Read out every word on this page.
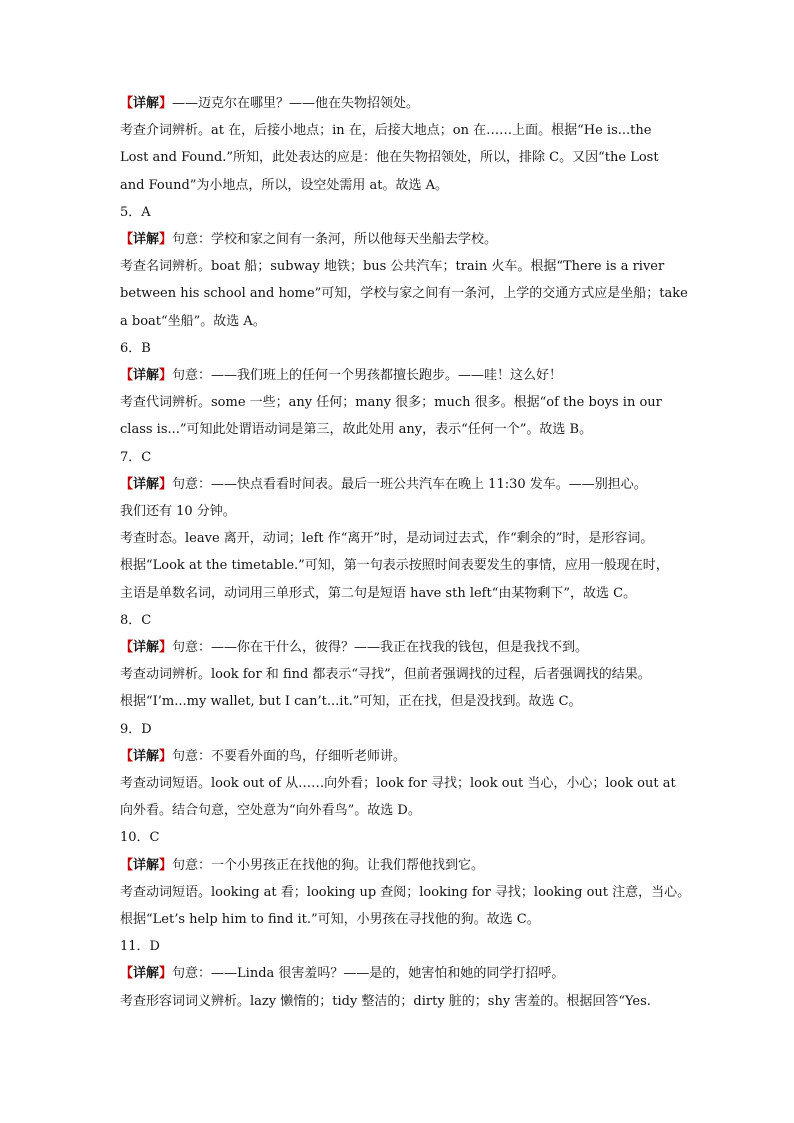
【详解】——迈克尔在哪里？——他在失物招领处。
考查介词辨析。at 在，后接小地点；in 在，后接大地点；on 在……上面。根据“He is...the
Lost and Found.”所知，此处表达的应是：他在失物招领处，所以，排除 C。又因“the Lost
and Found”为小地点，所以，设空处需用 at。故选 A。
5．A
【详解】句意：学校和家之间有一条河，所以他每天坐船去学校。
考查名词辨析。boat 船；subway 地铁；bus 公共汽车；train 火车。根据“There is a river
between his school and home”可知，学校与家之间有一条河，上学的交通方式应是坐船；take
a boat“坐船”。故选 A。
6．B
【详解】句意：——我们班上的任何一个男孩都擅长跑步。——哇！这么好！
考查代词辨析。some 一些；any 任何；many 很多；much 很多。根据“of the boys in our
class is...”可知此处谓语动词是第三，故此处用 any，表示“任何一个”。故选 B。
7．C
【详解】句意：——快点看看时间表。最后一班公共汽车在晚上 11:30 发车。——别担心。
我们还有 10 分钟。
考查时态。leave 离开，动词；left 作“离开”时，是动词过去式，作“剩余的”时，是形容词。
根据“Look at the timetable.”可知，第一句表示按照时间表要发生的事情，应用一般现在时，
主语是单数名词，动词用三单形式，第二句是短语 have sth left“由某物剩下”，故选 C。
8．C
【详解】句意：——你在干什么，彼得？——我正在找我的钱包，但是我找不到。
考查动词辨析。look for 和 find 都表示“寻找”，但前者强调找的过程，后者强调找的结果。
根据“I’m...my wallet, but I can’t...it.”可知，正在找，但是没找到。故选 C。
9．D
【详解】句意：不要看外面的鸟，仔细听老师讲。
考查动词短语。look out of 从……向外看；look for 寻找；look out 当心，小心；look out at
向外看。结合句意，空处意为“向外看鸟”。故选 D。
10．C
【详解】句意：一个小男孩正在找他的狗。让我们帮他找到它。
考查动词短语。looking at 看；looking up 查阅；looking for 寻找；looking out 注意，当心。
根据“Let’s help him to find it.”可知，小男孩在寻找他的狗。故选 C。
11．D
【详解】句意：——Linda 很害羞吗？——是的，她害怕和她的同学打招呼。
考查形容词词义辨析。lazy 懒惰的；tidy 整洁的；dirty 脏的；shy 害羞的。根据回答“Yes.
